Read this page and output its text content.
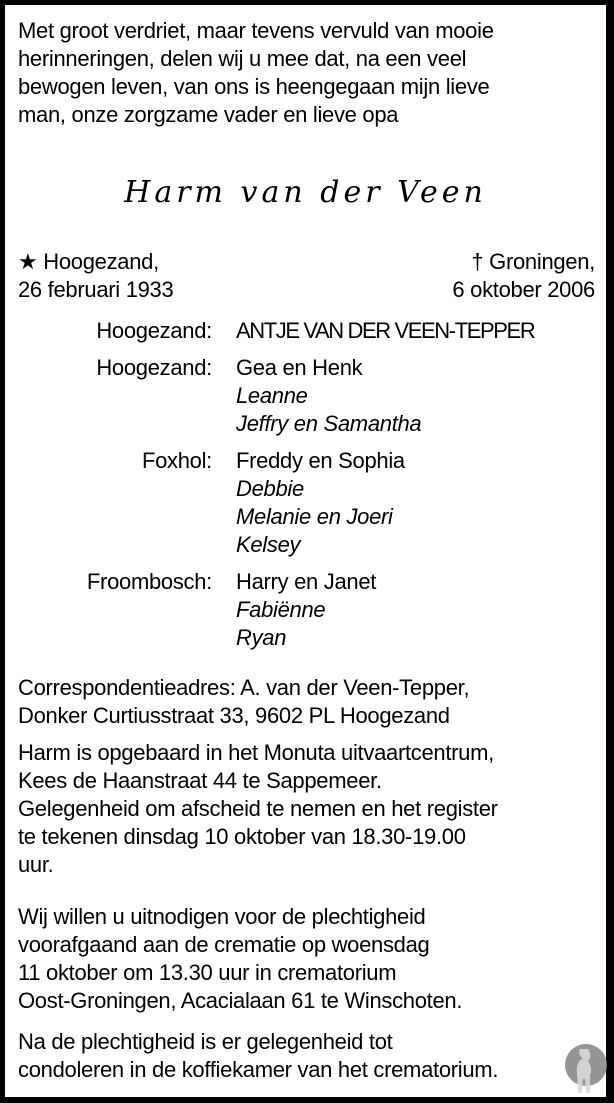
Met groot verdriet, maar tevens vervuld van mooie
herinneringen, delen wij u mee dat, na een veel
bewogen leven, van ons is heengegaan mijn lieve
man, onze zorgzame vader en lieve opa

Harm van der Veen
★ Hoogezand,
26 februari 1933
† Groningen,
6 oktober 2006
Hoogezand: ANTJE VAN DER VEEN-TEPPER
Hoogezand: Gea en Henk
Leanne
Jeffry en Samantha
Foxhol: Freddy en Sophia
Debbie
Melanie en Joeri
Kelsey
Froombosch: Harry en Janet
Fabiënne
Ryan

Correspondentieadres: A. van der Veen-Tepper,
Donker Curtiusstraat 33, 9602 PL Hoogezand

Harm is opgebaard in het Monuta uitvaartcentrum,
Kees de Haanstraat 44 te Sappemeer.
Gelegenheid om afscheid te nemen en het register
te tekenen dinsdag 10 oktober van 18.30-19.00
uur.

Wij willen u uitnodigen voor de plechtigheid
voorafgaand aan de crematie op woensdag
11 oktober om 13.30 uur in crematorium
Oost-Groningen, Acacialaan 61 te Winschoten.

Na de plechtigheid is er gelegenheid tot
condoleren in de koffiekamer van het crematorium.
